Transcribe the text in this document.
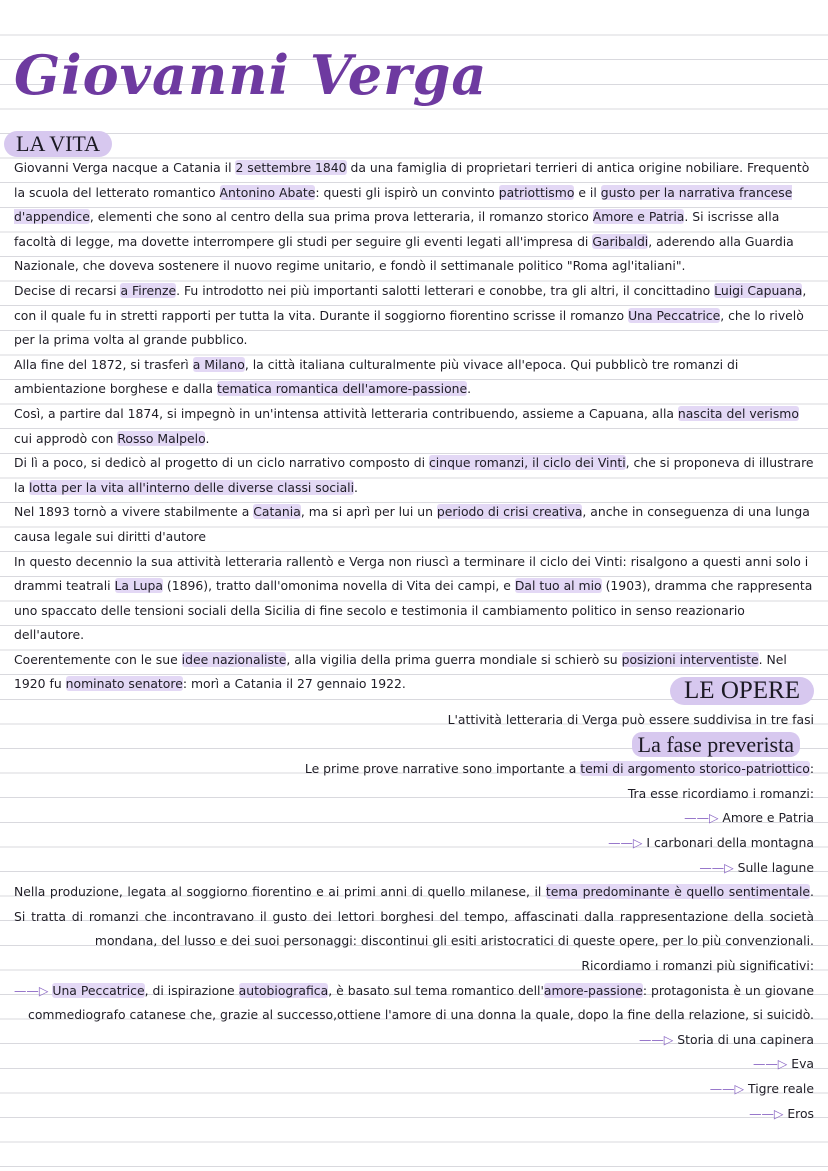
Giovanni Verga
LA VITA

Giovanni Verga nacque a Catania il 2 settembre 1840 da una famiglia di proprietari terrieri di antica origine nobiliare. Frequentò la scuola del letterato romantico Antonino Abate: questi gli ispirò un convinto patriottismo e il gusto per la narrativa francese d'appendice, elementi che sono al centro della sua prima prova letteraria, il romanzo storico Amore e Patria. Si iscrisse alla facoltà di legge, ma dovette interrompere gli studi per seguire gli eventi legati all'impresa di Garibaldi, aderendo alla Guardia Nazionale, che doveva sostenere il nuovo regime unitario, e fondò il settimanale politico "Roma agl'italiani".

Decise di recarsi a Firenze. Fu introdotto nei più importanti salotti letterari e conobbe, tra gli altri, il concittadino Luigi Capuana, con il quale fu in stretti rapporti per tutta la vita. Durante il soggiorno fiorentino scrisse il romanzo Una Peccatrice, che lo rivelò per la prima volta al grande pubblico.

Alla fine del 1872, si trasferì a Milano, la città italiana culturalmente più vivace all'epoca. Qui pubblicò tre romanzi di ambientazione borghese e dalla tematica romantica dell'amore-passione.

Così, a partire dal 1874, si impegnò in un'intensa attività letteraria contribuendo, assieme a Capuana, alla nascita del verismo cui approdò con Rosso Malpelo.

Di lì a poco, si dedicò al progetto di un ciclo narrativo composto di cinque romanzi, il ciclo dei Vinti, che si proponeva di illustrare la lotta per la vita all'interno delle diverse classi sociali.

Nel 1893 tornò a vivere stabilmente a Catania, ma si aprì per lui un periodo di crisi creativa, anche in conseguenza di una lunga causa legale sui diritti d'autore

In questo decennio la sua attività letteraria rallentò e Verga non riuscì a terminare il ciclo dei Vinti: risalgono a questi anni solo i drammi teatrali La Lupa (1896), tratto dall'omonima novella di Vita dei campi, e Dal tuo al mio (1903), dramma che rappresenta uno spaccato delle tensioni sociali della Sicilia di fine secolo e testimonia il cambiamento politico in senso reazionario dell'autore.

Coerentemente con le sue idee nazionaliste, alla vigilia della prima guerra mondiale si schierò su posizioni interventiste. Nel 1920 fu nominato senatore: morì a Catania il 27 gennaio 1922.	LE OPERE

L'attività letteraria di Verga può essere suddivisa in tre fasi

Le prime prove narrative sono importante a temi di argomento storico-patriottico:

Tra esse ricordiamo i romanzi:

——▷ Amore e Patria

——▷ I carbonari della montagna

——▷ Sulle lagune

Nella produzione, legata al soggiorno fiorentino e ai primi anni di quello milanese, il tema predominante è quello sentimentale. Si tratta di romanzi che incontravano il gusto dei lettori borghesi del tempo, affascinati dalla rappresentazione della società mondana, del lusso e dei suoi personaggi: discontinui gli esiti aristocratici di queste opere, per lo più convenzionali.

Ricordiamo i romanzi più significativi:

——▷ Una Peccatrice, di ispirazione autobiografica, è basato sul tema romantico dell'amore-passione: protagonista è un giovane commediografo catanese che, grazie al successo,ottiene l'amore di una donna la quale, dopo la fine della relazione, si suicidò.

——▷ Storia di una capinera

——▷ Eva

——▷ Tigre reale

——▷ Eros

La fase preverista
